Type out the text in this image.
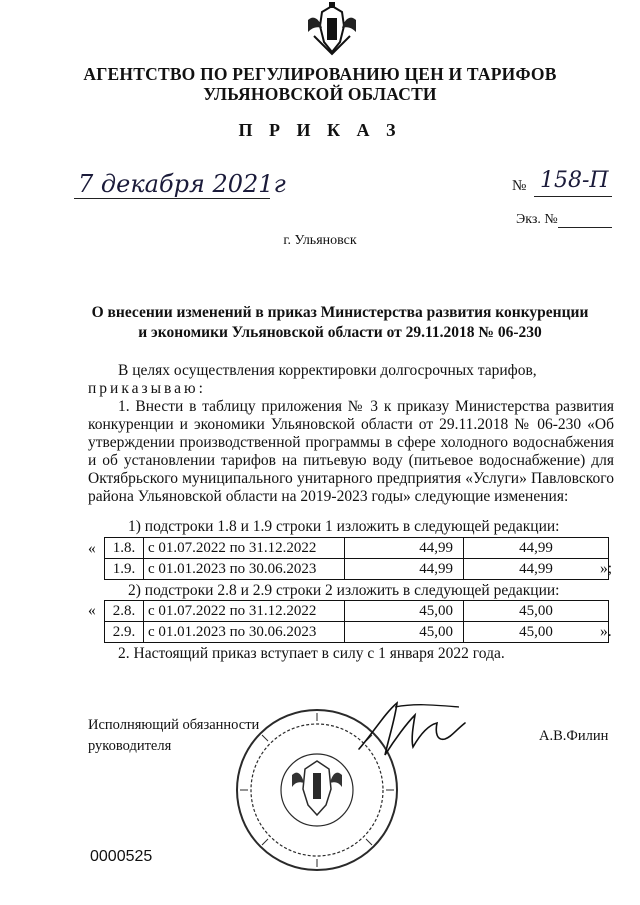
АГЕНТСТВО ПО РЕГУЛИРОВАНИЮ ЦЕН И ТАРИФОВ
УЛЬЯНОВСКОЙ ОБЛАСТИ
П Р И К А З
7 декабря 2021г	№ 158-П
Экз. №
г. Ульяновск
О внесении изменений в приказ Министерства развития конкуренции
и экономики Ульяновской области от 29.11.2018 № 06-230
В целях осуществления корректировки долгосрочных тарифов,
приказываю:
1. Внести в таблицу приложения № 3 к приказу Министерства развития конкуренции и экономики Ульяновской области от 29.11.2018 № 06-230 «Об утверждении производственной программы в сфере холодного водоснабжения и об установлении тарифов на питьевую воду (питьевое водоснабжение) для Октябрьского муниципального унитарного предприятия «Услуги» Павловского района Ульяновской области на 2019-2023 годы» следующие изменения:
1) подстроки 1.8 и 1.9 строки 1 изложить в следующей редакции:
« 1.8.	с 01.07.2022 по 31.12.2022	44,99	44,99
1.9.	с 01.01.2023 по 30.06.2023	44,99	44,99	»;
2) подстроки 2.8 и 2.9 строки 2 изложить в следующей редакции:
« 2.8.	с 01.07.2022 по 31.12.2022	45,00	45,00
2.9.	с 01.01.2023 по 30.06.2023	45,00	45,00	».
2. Настоящий приказ вступает в силу с 1 января 2022 года.
Исполняющий обязанности
руководителя
А.В.Филин
0000525
